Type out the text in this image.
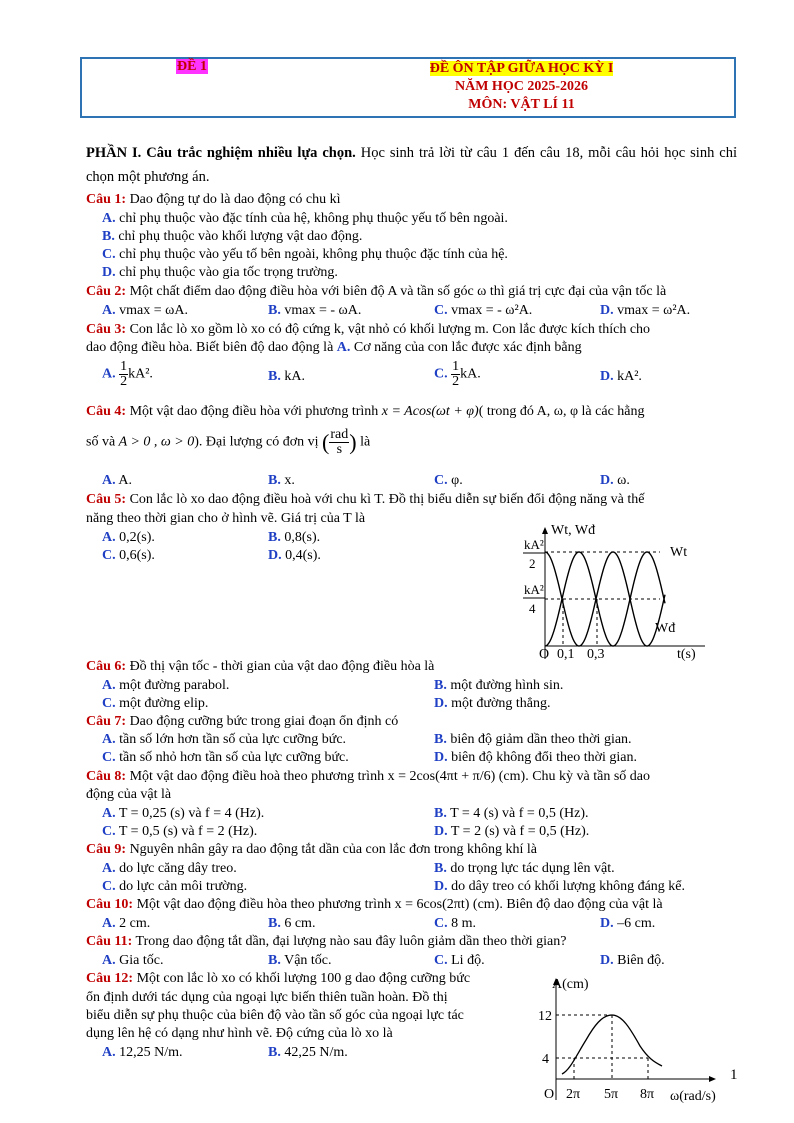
ĐỀ 1	ĐỀ ÔN TẬP GIỮA HỌC KỲ I
NĂM HỌC 2025-2026
MÔN: VẬT LÍ 11
PHẦN I. Câu trắc nghiệm nhiều lựa chọn. Học sinh trả lời từ câu 1 đến câu 18, mỗi câu hỏi học sinh chỉ chọn một phương án.
Câu 1: Dao động tự do là dao động có chu kì
A. chỉ phụ thuộc vào đặc tính của hệ, không phụ thuộc yếu tố bên ngoài.
B. chỉ phụ thuộc vào khối lượng vật dao động.
C. chỉ phụ thuộc vào yếu tố bên ngoài, không phụ thuộc đặc tính của hệ.
D. chỉ phụ thuộc vào gia tốc trọng trường.
Câu 2: Một chất điểm dao động điều hòa với biên độ A và tần số góc ω thì giá trị cực đại của vận tốc là
A. vmax = ωA.	B. vmax = - ωA.	C. vmax = - ω²A.	D. vmax = ω²A.
Câu 3: Con lắc lò xo gồm lò xo có độ cứng k, vật nhỏ có khối lượng m. Con lắc được kích thích cho
dao động điều hòa. Biết biên độ dao động là A. Cơ năng của con lắc được xác định bằng
A. $\frac{1}{2} kA^2$.	B. kA.	C. $\frac{1}{2}$ kA.	D. kA².
Câu 4: Một vật dao động điều hòa với phương trình x = Acos(ωt + φ)( trong đó A, ω, φ là các hằng
số và A > 0 , ω > 0). Đại lượng có đơn vị ( $\frac{\text{rad}}{s}$ ) là
A. A.	B. x.	C. φ.	D. ω.
Câu 5: Con lắc lò xo dao động điều hoà với chu kì T. Đồ thị biểu diễn sự biến đổi động năng và thế
năng theo thời gian cho ở hình vẽ. Giá trị của T là
A. 0,2(s).	B. 0,8(s).
C. 0,6(s).	D. 0,4(s).
Wt, Wđ
kA²
2
kA²
4
O 0,1 0,3	t(s)
Wt
Wđ
Câu 6: Đồ thị vận tốc - thời gian của vật dao động điều hòa là
A. một đường parabol.	B. một đường hình sin.
C. một đường elip.	D. một đường thẳng.
Câu 7: Dao động cưỡng bức trong giai đoạn ổn định có
A. tần số lớn hơn tần số của lực cưỡng bức.	B. biên độ giảm dần theo thời gian.
C. tần số nhỏ hơn tần số của lực cưỡng bức.	D. biên độ không đổi theo thời gian.
Câu 8: Một vật dao động điều hoà theo phương trình x = 2cos(4πt + π/6) (cm). Chu kỳ và tần số dao
động của vật là
A. T = 0,25 (s) và f = 4 (Hz).	B. T = 4 (s) và f = 0,5 (Hz).
C. T = 0,5 (s) và f = 2 (Hz).	D. T = 2 (s) và f = 0,5 (Hz).
Câu 9: Nguyên nhân gây ra dao động tắt dần của con lắc đơn trong không khí là
A. do lực căng dây treo.	B. do trọng lực tác dụng lên vật.
C. do lực cản môi trường.	D. do dây treo có khối lượng không đáng kể.
Câu 10: Một vật dao động điều hòa theo phương trình x = 6cos(2πt) (cm). Biên độ dao động của vật là
A. 2 cm.	B. 6 cm.	C. 8 m.	D. –6 cm.
Câu 11: Trong dao động tắt dần, đại lượng nào sau đây luôn giảm dần theo thời gian?
A. Gia tốc.	B. Vận tốc.	C. Li độ.	D. Biên độ.
Câu 12: Một con lắc lò xo có khối lượng 100 g dao động cưỡng bức
ổn định dưới tác dụng của ngoại lực biến thiên tuần hoàn. Đồ thị
biểu diễn sự phụ thuộc của biên độ vào tần số góc của ngoại lực tác
dụng lên hệ có dạng như hình vẽ. Độ cứng của lò xo là
A. 12,25 N/m.	B. 42,25 N/m.
A(cm)
12
4
O 2π 5π 8π ω(rad/s)
1
